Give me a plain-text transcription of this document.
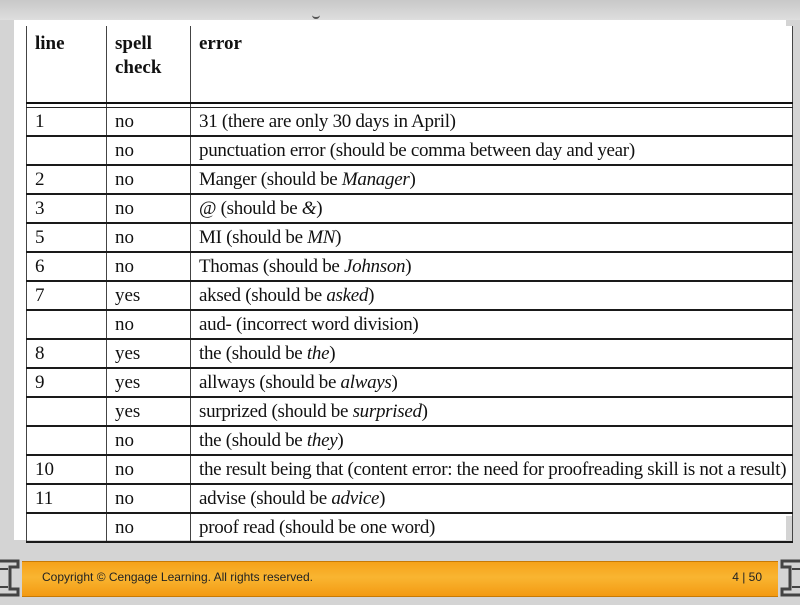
line	spell check	error

1	no	31 (there are only 30 days in April)
	no	punctuation error (should be comma between day and year)
2	no	Manger (should be Manager)
3	no	@ (should be &)
5	no	MI (should be MN)
6	no	Thomas (should be Johnson)
7	yes	aksed (should be asked)
	no	aud- (incorrect word division)
8	yes	the (should be the)
9	yes	allways (should be always)
	yes	surprized (should be surprised)
	no	the (should be they)
10	no	the result being that (content error: the need for proofreading skill is not a result)
11	no	advise (should be advice)
	no	proof read (should be one word)
Copyright © Cengage Learning. All rights reserved.	4 | 50
